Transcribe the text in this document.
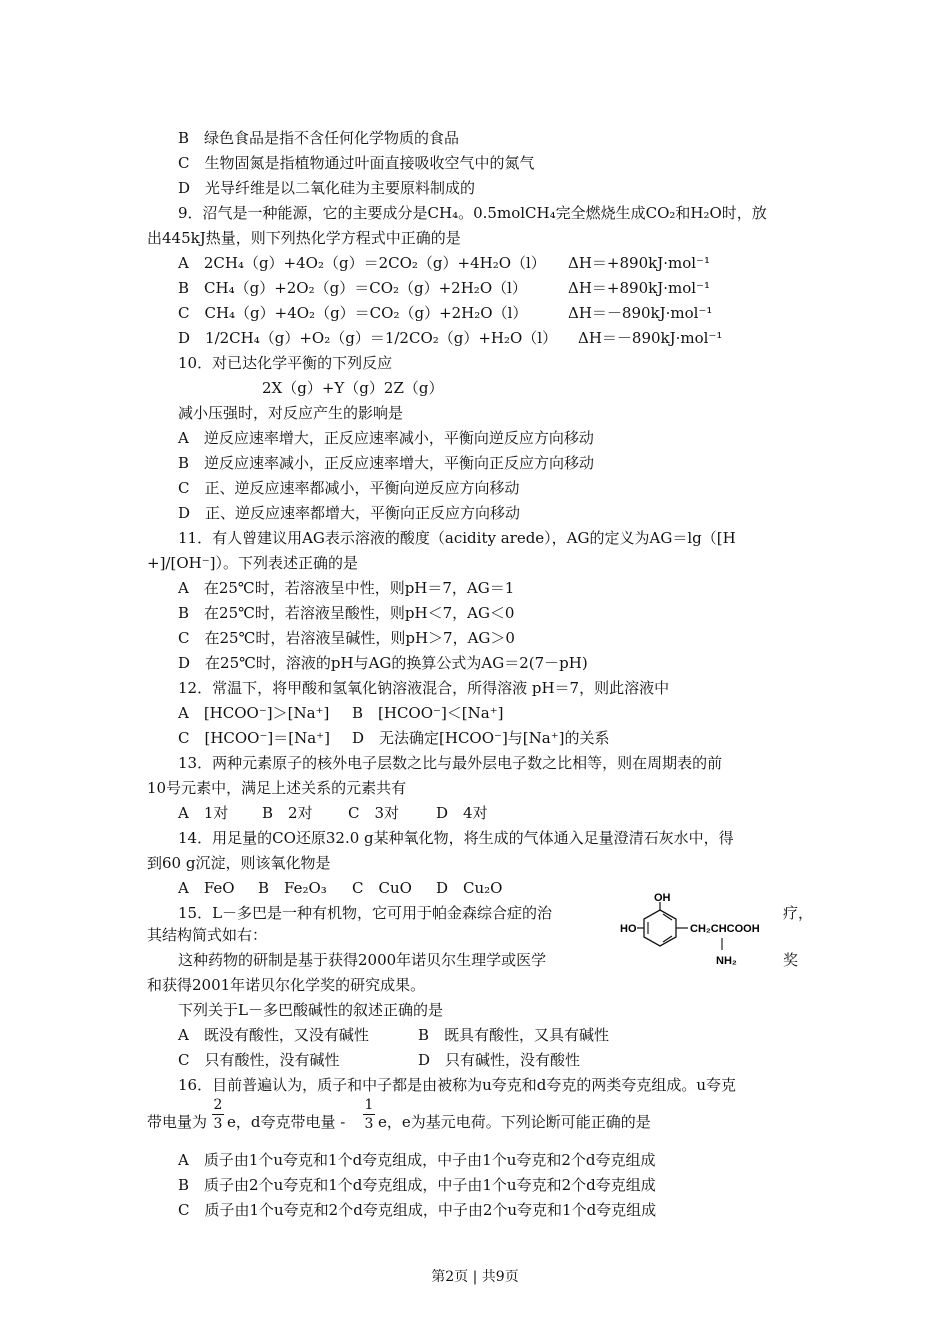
B　绿色食品是指不含任何化学物质的食品
C　生物固氮是指植物通过叶面直接吸收空气中的氮气
D　光导纤维是以二氧化硅为主要原料制成的
9．沼气是一种能源，它的主要成分是CH₄。0.5molCH₄完全燃烧生成CO₂和H₂O时，放
出445kJ热量，则下列热化学方程式中正确的是
A　2CH₄（g）+4O₂（g）＝2CO₂（g）+4H₂O（l） ΔH＝+890kJ·mol⁻¹
B　CH₄（g）+2O₂（g）＝CO₂（g）+2H₂O（l）	ΔH＝+890kJ·mol⁻¹
C　CH₄（g）+4O₂（g）＝CO₂（g）+2H₂O（l）	ΔH＝－890kJ·mol⁻¹
D　1/2CH₄（g）+O₂（g）＝1/2CO₂（g）+H₂O（l） ΔH＝－890kJ·mol⁻¹
10．对已达化学平衡的下列反应
2X（g）+Y（g）2Z（g）
减小压强时，对反应产生的影响是
A　逆反应速率增大，正反应速率减小，平衡向逆反应方向移动
B　逆反应速率减小，正反应速率增大，平衡向正反应方向移动
C　正、逆反应速率都减小，平衡向逆反应方向移动
D　正、逆反应速率都增大，平衡向正反应方向移动
11．有人曾建议用AG表示溶液的酸度（acidity arede），AG的定义为AG＝lg（[H
+]/[OH⁻]）。下列表述正确的是
A　在25℃时，若溶液呈中性，则pH＝7，AG＝1
B　在25℃时，若溶液呈酸性，则pH＜7，AG＜0
C　在25℃时，岩溶液呈碱性，则pH＞7，AG＞0
D　在25℃时，溶液的pH与AG的换算公式为AG＝2(7－pH)
12．常温下，将甲酸和氢氧化钠溶液混合，所得溶液 pH＝7，则此溶液中
A　[HCOO⁻]＞[Na⁺] B　[HCOO⁻]＜[Na⁺]
C　[HCOO⁻]＝[Na⁺] D　无法确定[HCOO⁻]与[Na⁺]的关系
13．两种元素原子的核外电子层数之比与最外层电子数之比相等，则在周期表的前
10号元素中，满足上述关系的元素共有
A　1对 B　2对 C　3对 D　4对
14．用足量的CO还原32.0 g某种氧化物，将生成的气体通入足量澄清石灰水中，得
到60 g沉淀，则该氧化物是
A　FeO B　Fe₂O₃ C　CuO D　Cu₂O
15．L－多巴是一种有机物，它可用于帕金森综合症的治	疗，
其结构简式如右：
这种药物的研制是基于获得2000年诺贝尔生理学或医学	奖
和获得2001年诺贝尔化学奖的研究成果。
下列关于L－多巴酸碱性的叙述正确的是
A　既没有酸性，又没有碱性	B　既具有酸性，又具有碱性
C　只有酸性，没有碱性	D　只有碱性，没有酸性
OH
HO	CH₂CHCOOH
NH₂
16．目前普遍认为，质子和中子都是由被称为u夸克和d夸克的两类夸克组成。u夸克
带电量为
2
3 e，d夸克带电量 -
1
3 e，e为基元电荷。下列论断可能正确的是
A　质子由1个u夸克和1个d夸克组成，中子由1个u夸克和2个d夸克组成
B　质子由2个u夸克和1个d夸克组成，中子由1个u夸克和2个d夸克组成
C　质子由1个u夸克和2个d夸克组成，中子由2个u夸克和1个d夸克组成
第2页 | 共9页
